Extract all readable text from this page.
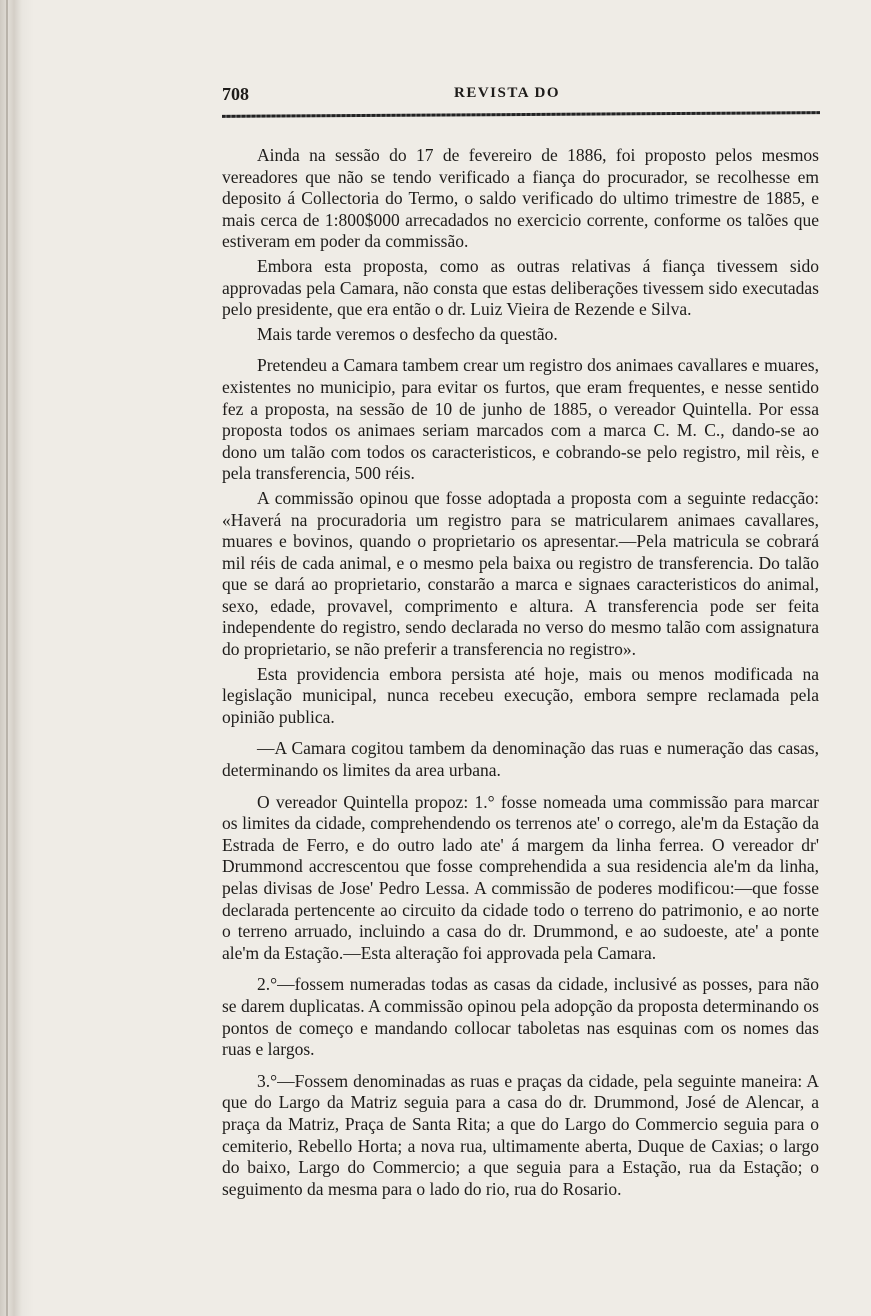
708	REVISTA DO

Ainda na sessão do 17 de fevereiro de 1886, foi proposto pelos mesmos vereadores que não se tendo verificado a fiança do procurador, se recolhesse em deposito á Collectoria do Termo, o saldo verificado do ultimo trimestre de 1885, e mais cerca de 1:800$000 arrecadados no exercicio corrente, conforme os talões que estiveram em poder da commissão.

Embora esta proposta, como as outras relativas á fiança tivessem sido approvadas pela Camara, não consta que estas deliberações tivessem sido executadas pelo presidente, que era então o dr. Luiz Vieira de Rezende e Silva.

Mais tarde veremos o desfecho da questão.

Pretendeu a Camara tambem crear um registro dos animaes cavallares e muares, existentes no municipio, para evitar os furtos, que eram frequentes, e nesse sentido fez a proposta, na sessão de 10 de junho de 1885, o vereador Quintella. Por essa proposta todos os animaes seriam marcados com a marca C. M. C., dando-se ao dono um talão com todos os caracteristicos, e cobrando-se pelo registro, mil rèis, e pela transferencia, 500 réis.

A commissão opinou que fosse adoptada a proposta com a seguinte redacção: «Haverá na procuradoria um registro para se matricularem animaes cavallares, muares e bovinos, quando o proprietario os apresentar.—Pela matricula se cobrará mil réis de cada animal, e o mesmo pela baixa ou registro de transferencia. Do talão que se dará ao proprietario, constarão a marca e signaes caracteristicos do animal, sexo, edade, provavel, comprimento e altura. A transferencia pode ser feita independente do registro, sendo declarada no verso do mesmo talão com assignatura do proprietario, se não preferir a transferencia no registro».

Esta providencia embora persista até hoje, mais ou menos modificada na legislação municipal, nunca recebeu execução, embora sempre reclamada pela opinião publica.

—A Camara cogitou tambem da denominação das ruas e numeração das casas, determinando os limites da area urbana.

O vereador Quintella propoz: 1.° fosse nomeada uma commissão para marcar os limites da cidade, comprehendendo os terrenos ate' o corrego, ale'm da Estação da Estrada de Ferro, e do outro lado ate' á margem da linha ferrea. O vereador dr' Drummond accrescentou que fosse comprehendida a sua residencia ale'm da linha, pelas divisas de Jose' Pedro Lessa. A commissão de poderes modificou:—que fosse declarada pertencente ao circuito da cidade todo o terreno do patrimonio, e ao norte o terreno arruado, incluindo a casa do dr. Drummond, e ao sudoeste, ate' a ponte ale'm da Estação.—Esta alteração foi approvada pela Camara.

2.°—fossem numeradas todas as casas da cidade, inclusivé as posses, para não se darem duplicatas. A commissão opinou pela adopção da proposta determinando os pontos de começo e mandando collocar taboletas nas esquinas com os nomes das ruas e largos.

3.°—Fossem denominadas as ruas e praças da cidade, pela seguinte maneira: A que do Largo da Matriz seguia para a casa do dr. Drummond, José de Alencar, a praça da Matriz, Praça de Santa Rita; a que do Largo do Commercio seguia para o cemiterio, Rebello Horta; a nova rua, ultimamente aberta, Duque de Caxias; o largo do baixo, Largo do Commercio; a que seguia para a Estação, rua da Estação; o seguimento da mesma para o lado do rio, rua do Rosario.
